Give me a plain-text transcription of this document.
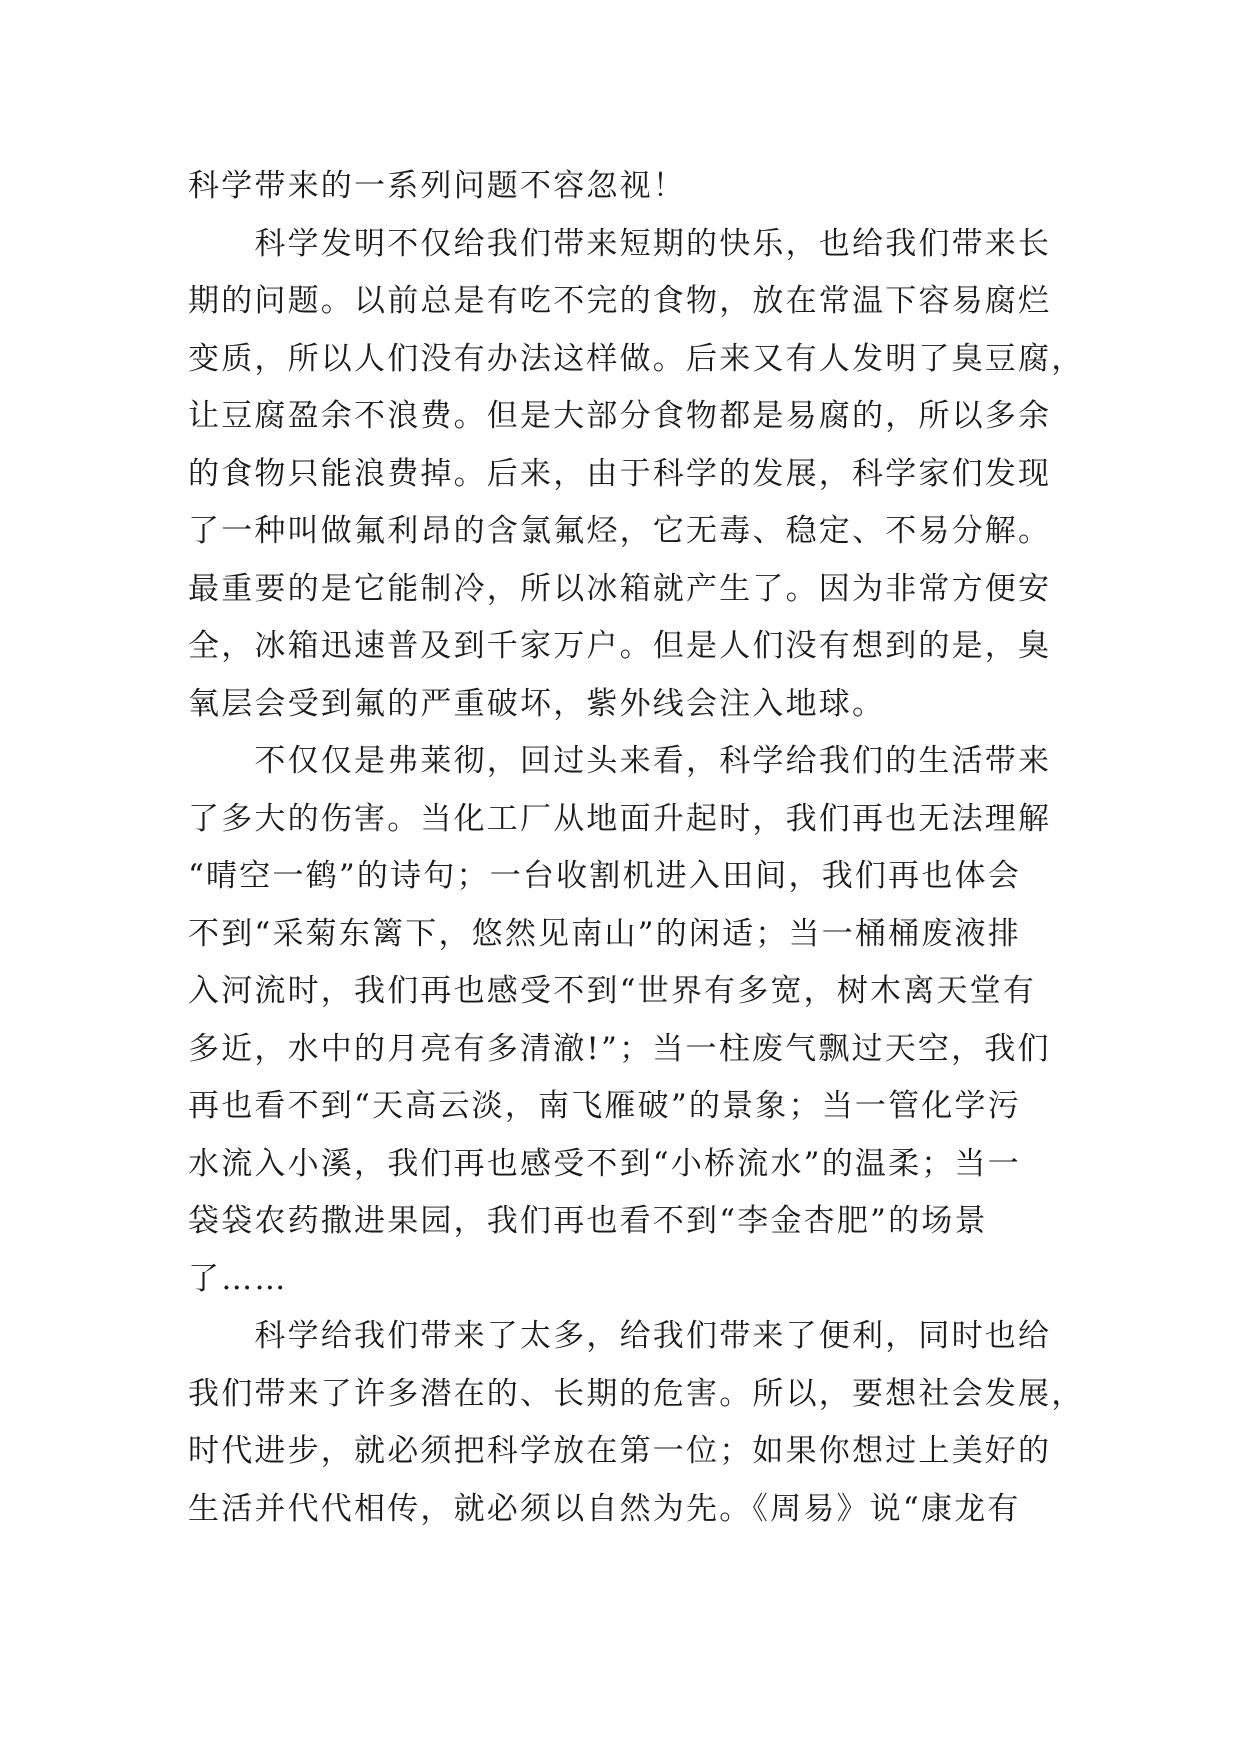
科学带来的一系列问题不容忽视！
　　科学发明不仅给我们带来短期的快乐，也给我们带来长
期的问题。以前总是有吃不完的食物，放在常温下容易腐烂
变质，所以人们没有办法这样做。后来又有人发明了臭豆腐，
让豆腐盈余不浪费。但是大部分食物都是易腐的，所以多余
的食物只能浪费掉。后来，由于科学的发展，科学家们发现
了一种叫做氟利昂的含氯氟烃，它无毒、稳定、不易分解。
最重要的是它能制冷，所以冰箱就产生了。因为非常方便安
全，冰箱迅速普及到千家万户。但是人们没有想到的是，臭
氧层会受到氟的严重破坏，紫外线会注入地球。
　　不仅仅是弗莱彻，回过头来看，科学给我们的生活带来
了多大的伤害。当化工厂从地面升起时，我们再也无法理解
“晴空一鹤”的诗句；一台收割机进入田间，我们再也体会
不到“采菊东篱下，悠然见南山”的闲适；当一桶桶废液排
入河流时，我们再也感受不到“世界有多宽，树木离天堂有
多近，水中的月亮有多清澈!”；当一柱废气飘过天空，我们
再也看不到“天高云淡，南飞雁破”的景象；当一管化学污
水流入小溪，我们再也感受不到“小桥流水”的温柔；当一
袋袋农药撒进果园，我们再也看不到“李金杏肥”的场景
了……
　　科学给我们带来了太多，给我们带来了便利，同时也给
我们带来了许多潜在的、长期的危害。所以，要想社会发展，
时代进步，就必须把科学放在第一位；如果你想过上美好的
生活并代代相传，就必须以自然为先。《周易》说“康龙有
